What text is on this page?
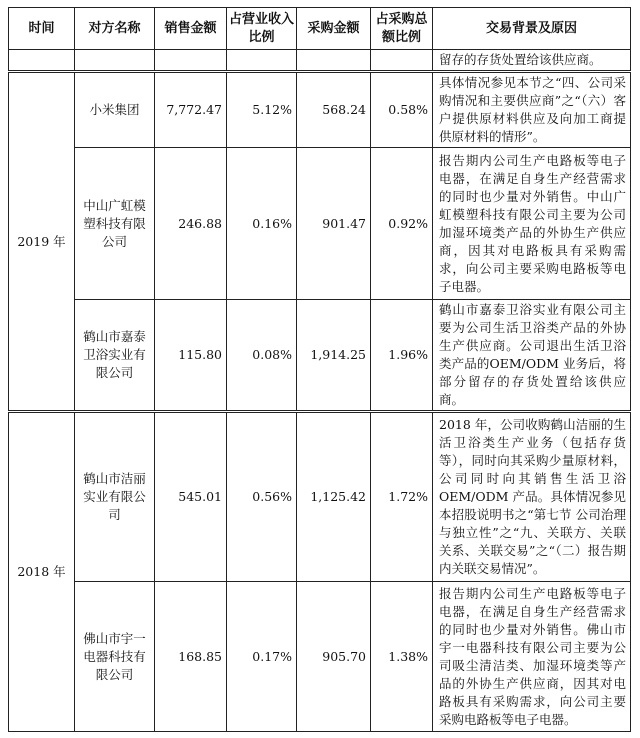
时间	对方名称	销售金额	占营业收入比例	采购金额	占采购总额比例	交易背景及原因
						留存的存货处置给该供应商。
2019 年	小米集团	7,772.47	5.12%	568.24	0.58%	具体情况参见本节之“四、公司采购情况和主要供应商”之“（六）客户提供原材料供应及向加工商提供原材料的情形”。
	中山广虹模塑科技有限公司	246.88	0.16%	901.47	0.92%	报告期内公司生产电路板等电子电器，在满足自身生产经营需求的同时也少量对外销售。中山广虹模塑科技有限公司主要为公司加湿环境类产品的外协生产供应商，因其对电路板具有采购需求，向公司主要采购电路板等电子电器。
	鹤山市嘉泰卫浴实业有限公司	115.80	0.08%	1,914.25	1.96%	鹤山市嘉泰卫浴实业有限公司主要为公司生活卫浴类产品的外协生产供应商。公司退出生活卫浴类产品的OEM/ODM 业务后，将部分留存的存货处置给该供应商。
2018 年	鹤山市洁丽实业有限公司	545.01	0.56%	1,125.42	1.72%	2018 年，公司收购鹤山洁丽的生活卫浴类生产业务（包括存货等），同时向其采购少量原材料，公司同时向其销售生活卫浴OEM/ODM 产品。具体情况参见本招股说明书之“第七节 公司治理与独立性”之“九、关联方、关联关系、关联交易”之“（二）报告期内关联交易情况”。
	佛山市宇一电器科技有限公司	168.85	0.17%	905.70	1.38%	报告期内公司生产电路板等电子电器，在满足自身生产经营需求的同时也少量对外销售。佛山市宇一电器科技有限公司主要为公司吸尘清洁类、加湿环境类等产品的外协生产供应商，因其对电路板具有采购需求，向公司主要采购电路板等电子电器。
